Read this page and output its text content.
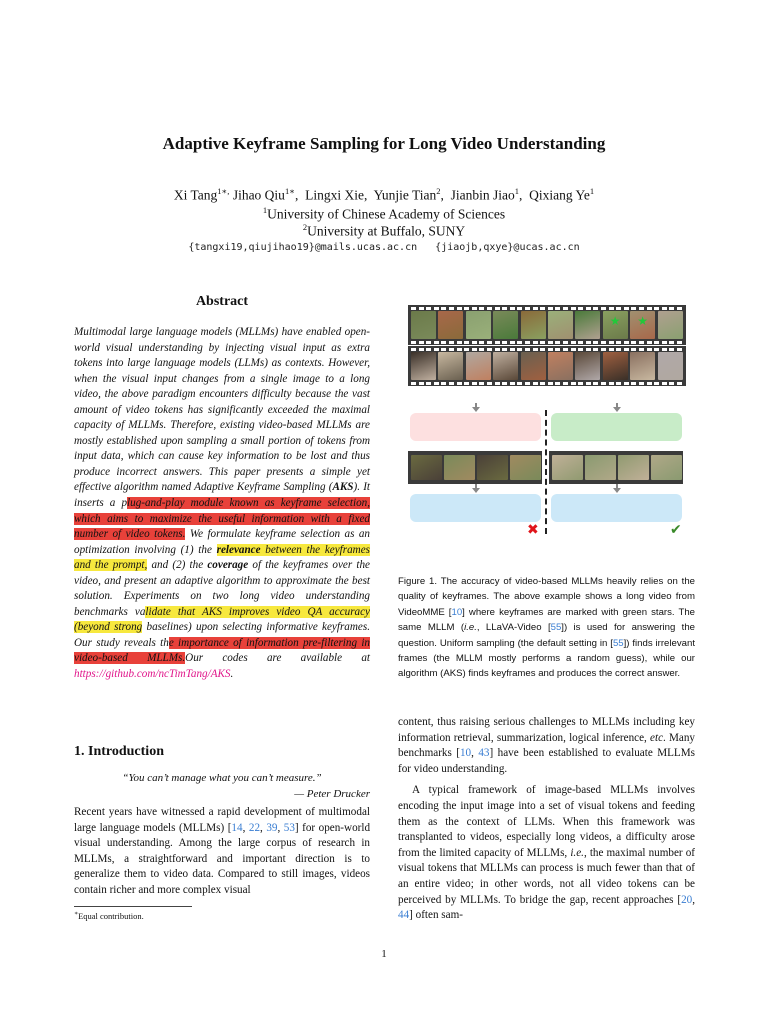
Adaptive Keyframe Sampling for Long Video Understanding
Xi Tang$^{1∗,}$ Jihao Qiu$^{1∗}$,  Lingxi Xie,  Yunjie Tian$^2$,  Jianbin Jiao$^1$,  Qixiang Ye$^1$
$^1$University of Chinese Academy of Sciences
$^2$University at Buffalo, SUNY
{tangxi19,qiujihao19}@mails.ucas.ac.cn   {jiaojb,qxye}@ucas.ac.cn
Abstract
Multimodal large language models (MLLMs) have enabled open-world visual understanding by injecting visual input as extra tokens into large language models (LLMs) as contexts. However, when the visual input changes from a single image to a long video, the above paradigm encounters difficulty because the vast amount of video tokens has significantly exceeded the maximal capacity of MLLMs. Therefore, existing video-based MLLMs are mostly established upon sampling a small portion of tokens from input data, which can cause key information to be lost and thus produce incorrect answers. This paper presents a simple yet effective algorithm named Adaptive Keyframe Sampling (AKS). It inserts a plug-and-play module known as keyframe selection, which aims to maximize the useful information with a fixed number of video tokens. We formulate keyframe selection as an optimization involving (1) the relevance between the keyframes and the prompt, and (2) the coverage of the keyframes over the video, and present an adaptive algorithm to approximate the best solution. Experiments on two long video understanding benchmarks validate that AKS improves video QA accuracy (beyond strong baselines) upon selecting informative keyframes. Our study reveals the importance of information pre-filtering in video-based MLLMs.Our codes are available at https://github.com/ncTimTang/AKS.
1. Introduction
“You can’t manage what you can’t measure.”
— Peter Drucker
Recent years have witnessed a rapid development of multimodal large language models (MLLMs) [14, 22, 39, 53] for open-world visual understanding. Among the large corpus of research in MLLMs, a straightforward and important direction is to generalize them to video data. Compared to still images, videos contain richer and more complex visual
∗Equal contribution.
★ ★
✖	✔
Figure 1. The accuracy of video-based MLLMs heavily relies on the quality of keyframes. The above example shows a long video from VideoMME [10] where keyframes are marked with green stars. The same MLLM (i.e., LLaVA-Video [55]) is used for answering the question. Uniform sampling (the default setting in [55]) finds irrelevant frames (the MLLM mostly performs a random guess), while our algorithm (AKS) finds keyframes and produces the correct answer.

content, thus raising serious challenges to MLLMs including key information retrieval, summarization, logical inference, etc. Many benchmarks [10, 43] have been established to evaluate MLLMs for video understanding.

A typical framework of image-based MLLMs involves encoding the input image into a set of visual tokens and feeding them as the context of LLMs. When this framework was transplanted to videos, especially long videos, a difficulty arose from the limited capacity of MLLMs, i.e., the maximal number of visual tokens that MLLMs can process is much fewer than that of an entire video; in other words, not all video tokens can be perceived by MLLMs. To bridge the gap, recent approaches [20, 44] often sam-

1
